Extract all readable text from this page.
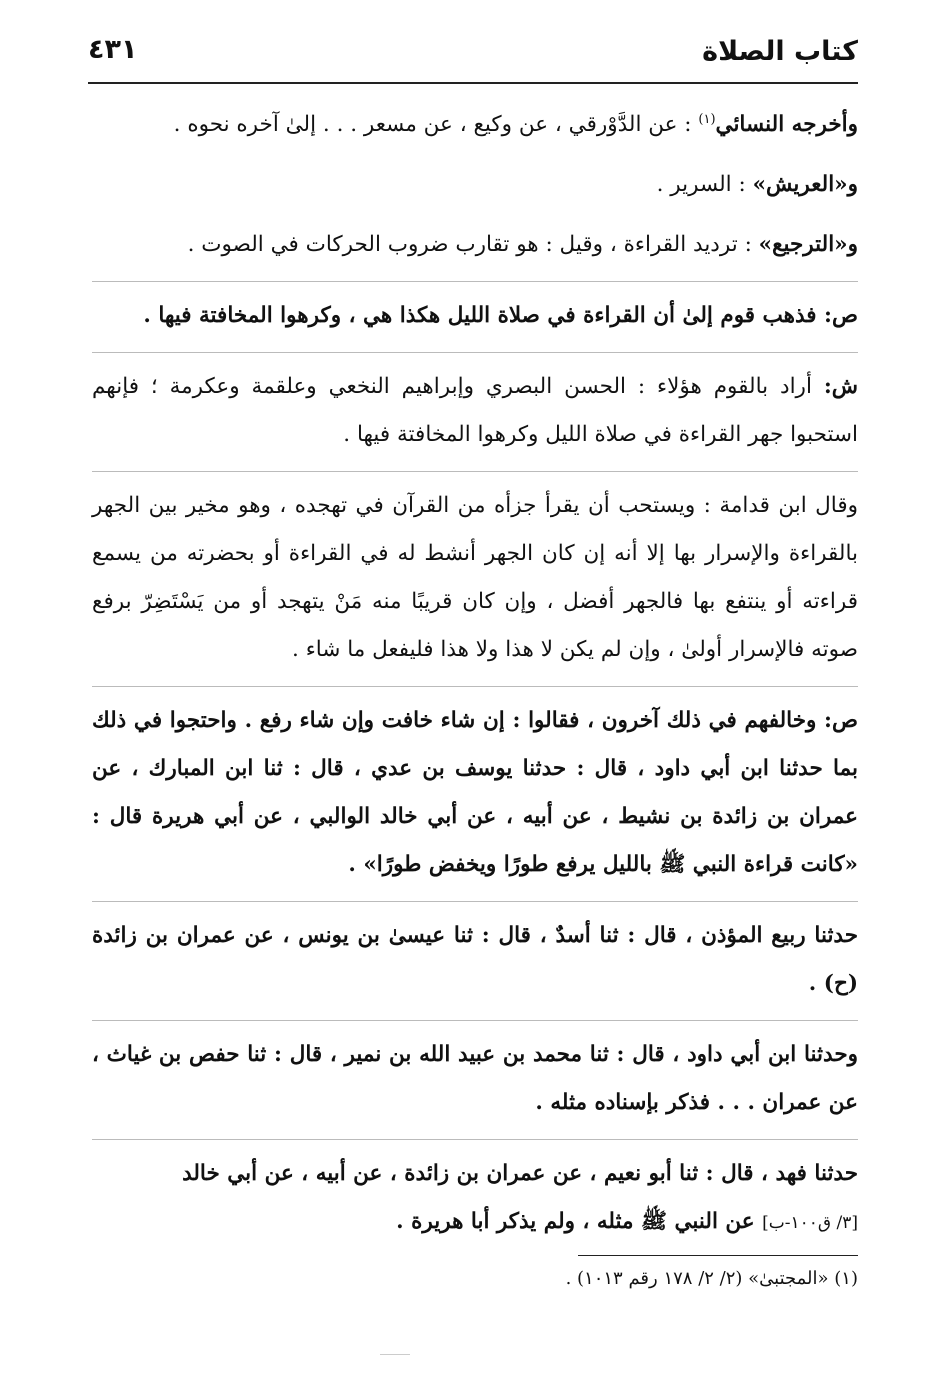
كتاب الصلاة
٤٣١

وأخرجه النسائي$^{(١)}$ : عن الدَّوْرقي ، عن وكيع ، عن مسعر . . . إلىٰ آخره نحوه .

و«العريش» : السرير .

و«الترجيع» : ترديد القراءة ، وقيل : هو تقارب ضروب الحركات في الصوت .

ص: فذهب قوم إلىٰ أن القراءة في صلاة الليل هكذا هي ، وكرهوا المخافتة فيها .

ش: أراد بالقوم هؤلاء : الحسن البصري وإبراهيم النخعي وعلقمة وعكرمة ؛ فإنهم استحبوا جهر القراءة في صلاة الليل وكرهوا المخافتة فيها .

وقال ابن قدامة : ويستحب أن يقرأ جزأه من القرآن في تهجده ، وهو مخير بين الجهر بالقراءة والإسرار بها إلا أنه إن كان الجهر أنشط له في القراءة أو بحضرته من يسمع قراءته أو ينتفع بها فالجهر أفضل ، وإن كان قريبًا منه مَنْ يتهجد أو من يَسْتَضِرّ برفع صوته فالإسرار أولىٰ ، وإن لم يكن لا هذا ولا هذا فليفعل ما شاء .

ص: وخالفهم في ذلك آخرون ، فقالوا : إن شاء خافت وإن شاء رفع . واحتجوا في ذلك بما حدثنا ابن أبي داود ، قال : حدثنا يوسف بن عدي ، قال : ثنا ابن المبارك ، عن عمران بن زائدة بن نشيط ، عن أبيه ، عن أبي خالد الوالبي ، عن أبي هريرة قال : «كانت قراءة النبي ﷺ بالليل يرفع طورًا ويخفض طورًا» .

حدثنا ربيع المؤذن ، قال : ثنا أسدٌ ، قال : ثنا عيسىٰ بن يونس ، عن عمران بن زائدة (ح) .

وحدثنا ابن أبي داود ، قال : ثنا محمد بن عبيد الله بن نمير ، قال : ثنا حفص بن غياث ، عن عمران . . . فذكر بإسناده مثله .

حدثنا فهد ، قال : ثنا أبو نعيم ، عن عمران بن زائدة ، عن أبيه ، عن أبي خالد

[٣/ ق١٠٠-ب] عن النبي ﷺ مثله ، ولم يذكر أبا هريرة .

(١) «المجتبىٰ» (٢/ ٢/ ١٧٨ رقم ١٠١٣) .
